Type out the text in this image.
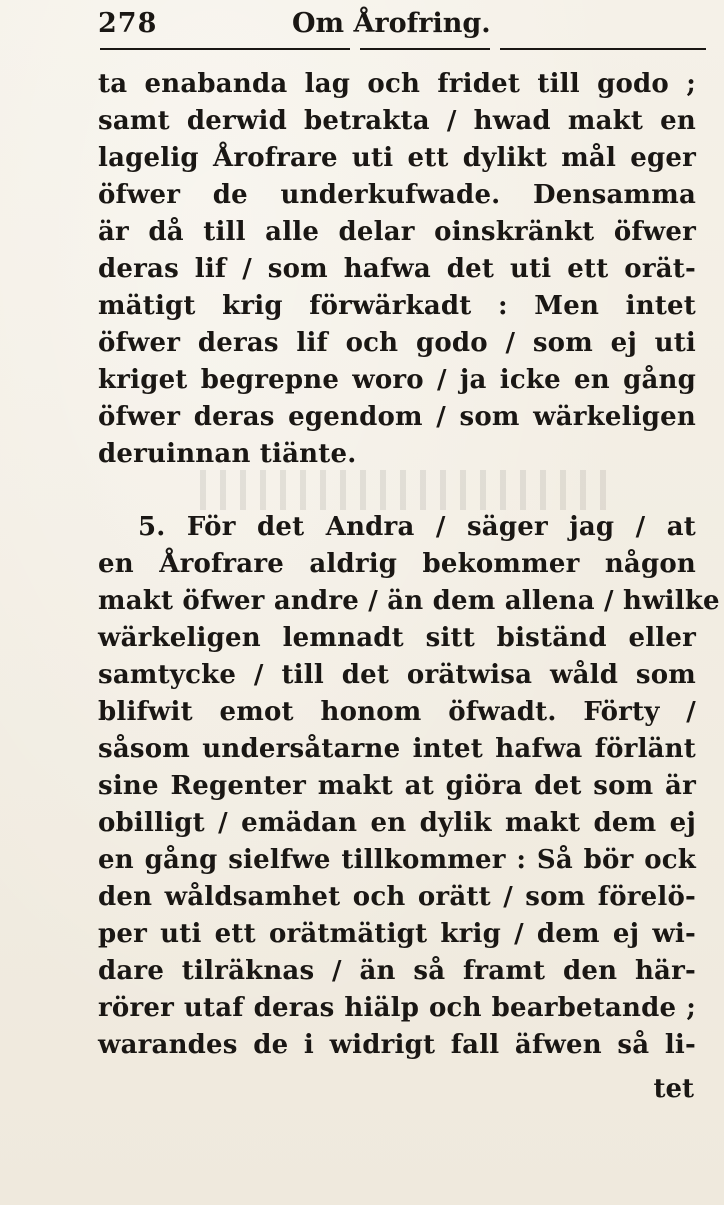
278	Om Årofring.
ta enabanda lag och fridet till godo ;
samt derwid betrakta / hwad makt en
lagelig Årofrare uti ett dylikt mål eger
öfwer de underkufwade. Densamma
är då till alle delar oinskränkt öfwer
deras lif / som hafwa det uti ett orät-
mätigt krig förwärkadt : Men intet
öfwer deras lif och godo / som ej uti
kriget begrepne woro / ja icke en gång
öfwer deras egendom / som wärkeligen
deruinnan tiänte.
5. För det Andra / säger jag / at
en Årofrare aldrig bekommer någon
makt öfwer andre / än dem allena / hwilke
wärkeligen lemnadt sitt biständ eller
samtycke / till det orätwisa wåld som
blifwit emot honom öfwadt. Förty /
såsom undersåtarne intet hafwa förlänt
sine Regenter makt at giöra det som är
obilligt / emädan en dylik makt dem ej
en gång sielfwe tillkommer : Så bör ock
den wåldsamhet och orätt / som förelö-
per uti ett orätmätigt krig / dem ej wi-
dare tilräknas / än så framt den här-
rörer utaf deras hiälp och bearbetande ;
warandes de i widrigt fall äfwen så li-
tet
